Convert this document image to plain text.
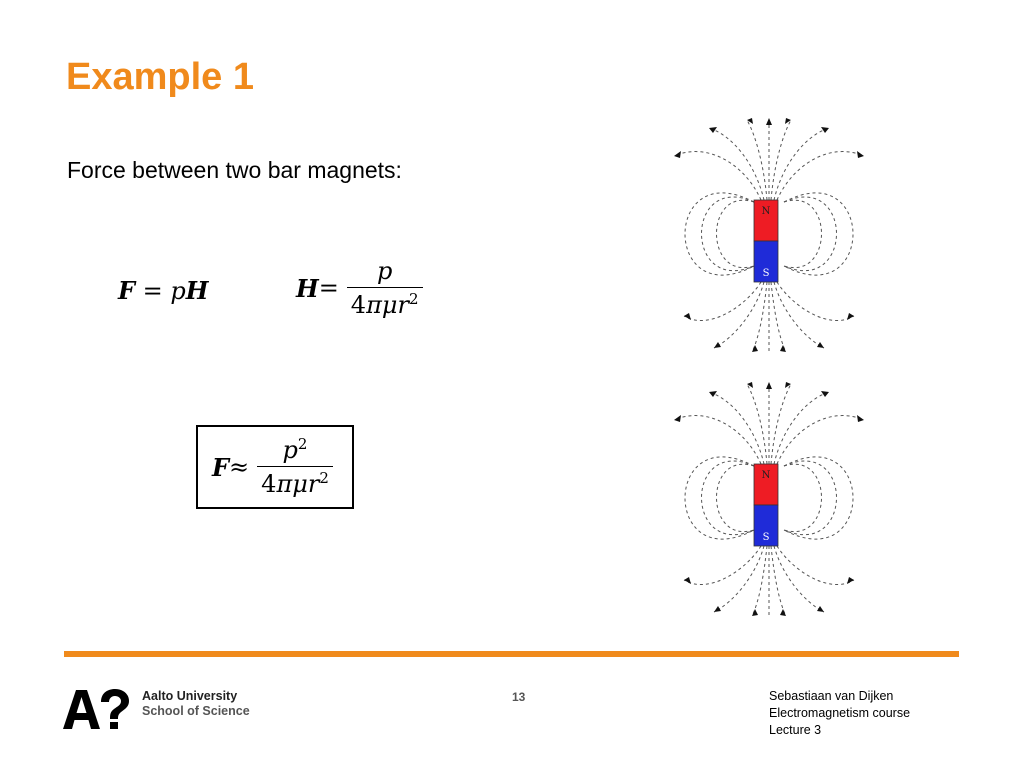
Example 1
Force between two bar magnets:
F = pH	$H = \frac{p}{4\pi\mu r^2}$
$F \approx \frac{p^2}{4\pi\mu r^2}$
N
S
N
S
Aalto University
School of Science
13	Sebastiaan van Dijken
Electromagnetism course
Lecture 3
